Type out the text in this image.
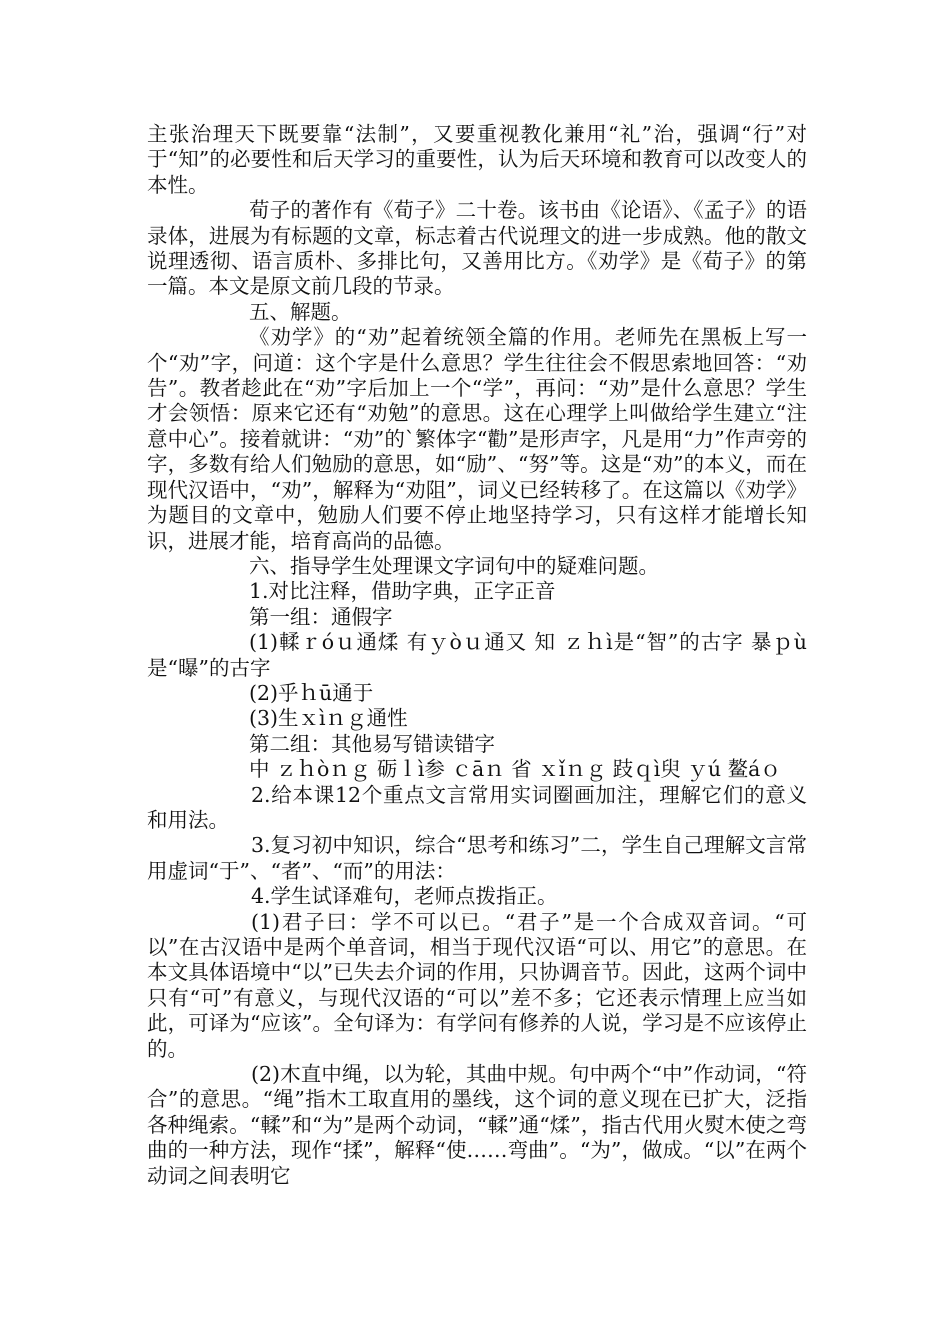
主张治理天下既要靠“法制”，又要重视教化兼用“礼”治，强调“行”对于“知”的必要性和后天学习的重要性，认为后天环境和教育可以改变人的本性。

荀子的著作有《荀子》二十卷。该书由《论语》、《孟子》的语录体，进展为有标题的文章，标志着古代说理文的进一步成熟。他的散文说理透彻、语言质朴、多排比句，又善用比方。《劝学》是《荀子》的第一篇。本文是原文前几段的节录。

五、解题。

《劝学》的“劝”起着统领全篇的作用。老师先在黑板上写一个“劝”字，问道：这个字是什么意思？学生往往会不假思索地回答：“劝告”。教者趁此在“劝”字后加上一个“学”，再问：“劝”是什么意思？学生才会领悟：原来它还有“劝勉”的意思。这在心理学上叫做给学生建立“注意中心”。接着就讲：“劝”的`繁体字“勸”是形声字，凡是用“力”作声旁的字，多数有给人们勉励的意思，如“励”、“努”等。这是“劝”的本义，而在现代汉语中，“劝”，解释为“劝阻”，词义已经转移了。在这篇以《劝学》为题目的文章中，勉励人们要不停止地坚持学习，只有这样才能增长知识，进展才能，培育高尚的品德。

六、指导学生处理课文字词句中的疑难问题。

1.对比注释，借助字典，正字正音

第一组：通假字

(1)輮ｒóｕ通煣 有ｙòｕ通又 知 ｚｈì是“智”的古字 暴ｐù是“曝”的古字

(2)乎ｈū通于

(3)生ｘìｎｇ通性

第二组：其他易写错读错字

中 ｚｈòｎｇ 砺ｌì参 ｃāｎ 省 ｘǐｎｇ 跂ｑì臾 ｙú 鳌áｏ

2.给本课12个重点文言常用实词圈画加注，理解它们的意义和用法。

3.复习初中知识，综合“思考和练习”二，学生自己理解文言常用虚词“于”、“者”、“而”的用法：

4.学生试译难句，老师点拨指正。

(1)君子曰：学不可以已。“君子”是一个合成双音词。“可以”在古汉语中是两个单音词，相当于现代汉语“可以、用它”的意思。在本文具体语境中“以”已失去介词的作用，只协调音节。因此，这两个词中只有“可”有意义，与现代汉语的“可以”差不多；它还表示情理上应当如此，可译为“应该”。全句译为：有学问有修养的人说，学习是不应该停止的。

(2)木直中绳，以为轮，其曲中规。句中两个“中”作动词，“符合”的意思。“绳”指木工取直用的墨线，这个词的意义现在已扩大，泛指各种绳索。“輮”和“为”是两个动词，“輮”通“煣”，指古代用火熨木使之弯曲的一种方法，现作“揉”，解释“使……弯曲”。“为”，做成。“以”在两个动词之间表明它
